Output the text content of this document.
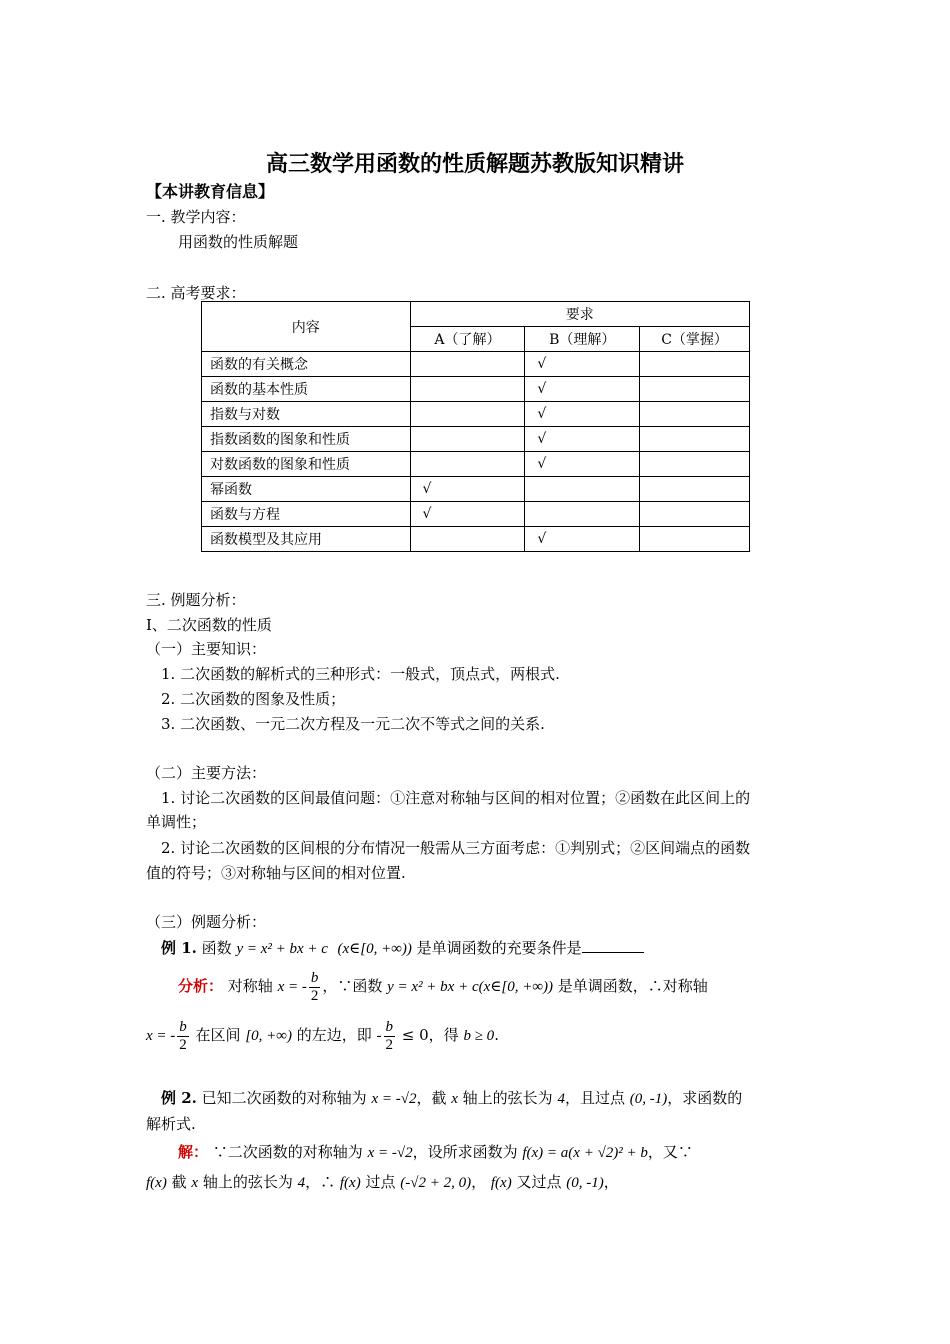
高三数学用函数的性质解题苏教版知识精讲
【本讲教育信息】
一. 教学内容：
用函数的性质解题
二. 高考要求：
内容	要求		
	A（了解）	B（理解）	C（掌握）
函数的有关概念		√	
函数的基本性质		√	
指数与对数		√	
指数函数的图象和性质		√	
对数函数的图象和性质		√	
幂函数	√		
函数与方程	√		
函数模型及其应用		√	
三. 例题分析：
Ⅰ、二次函数的性质
（一）主要知识：
1. 二次函数的解析式的三种形式：一般式，顶点式，两根式.
2. 二次函数的图象及性质；
3. 二次函数、一元二次方程及一元二次不等式之间的关系.
（二）主要方法：
1. 讨论二次函数的区间最值问题：①注意对称轴与区间的相对位置；②函数在此区间上的
单调性；
2. 讨论二次函数的区间根的分布情况一般需从三方面考虑：①判别式；②区间端点的函数
值的符号；③对称轴与区间的相对位置.
（三）例题分析：
例 1. 函数 y = x² + bx + c (x∈[0, +∞)) 是单调函数的充要条件是
分析： 对称轴 x = - $\frac{b}{2}$ ，∵函数 y = x² + bx + c(x∈[0, +∞)) 是单调函数，∴对称轴
x = - $\frac{b}{2}$ 在区间 [0, +∞) 的左边，即 - $\frac{b}{2} \le 0$，得 b ≥ 0.
例 2. 已知二次函数的对称轴为 x = -√2，截 x 轴上的弦长为 4，且过点 (0, -1)，求函数的
解析式.
解： ∵二次函数的对称轴为 x = -√2，设所求函数为 f(x) = a(x + √2)² + b，又∵
f(x) 截 x 轴上的弦长为 4，∴ f(x) 过点 (-√2 + 2, 0)， f(x) 又过点 (0, -1)，
